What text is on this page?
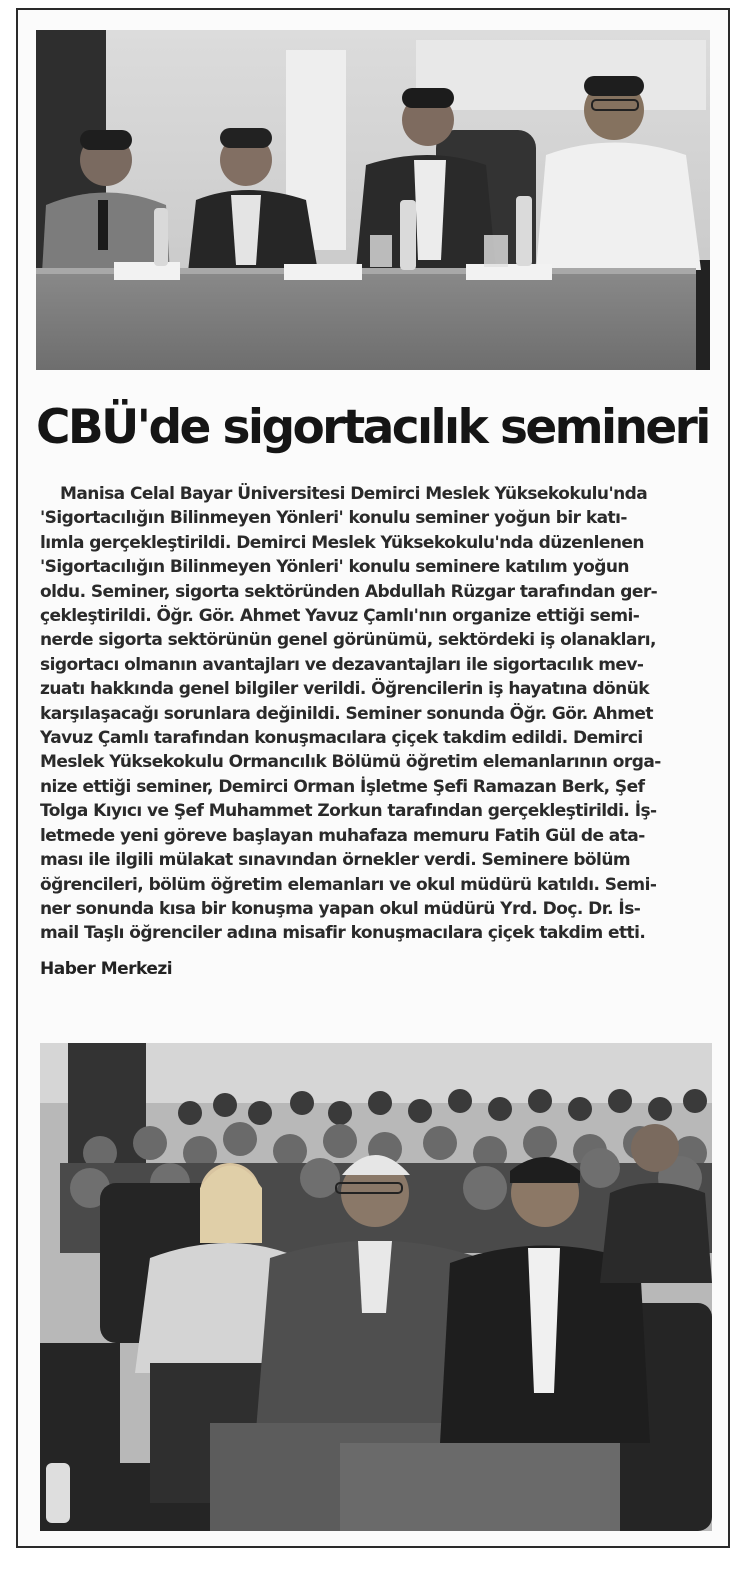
CBÜ'de sigortacılık semineri

Manisa Celal Bayar Üniversitesi Demirci Meslek Yüksekokulu'nda
'Sigortacılığın Bilinmeyen Yönleri' konulu seminer yoğun bir katı-
lımla gerçekleştirildi. Demirci Meslek Yüksekokulu'nda düzenlenen
'Sigortacılığın Bilinmeyen Yönleri' konulu seminere katılım yoğun
oldu. Seminer, sigorta sektöründen Abdullah Rüzgar tarafından ger-
çekleştirildi. Öğr. Gör. Ahmet Yavuz Çamlı'nın organize ettiği semi-
nerde sigorta sektörünün genel görünümü, sektördeki iş olanakları,
sigortacı olmanın avantajları ve dezavantajları ile sigortacılık mev-
zuatı hakkında genel bilgiler verildi. Öğrencilerin iş hayatına dönük
karşılaşacağı sorunlara değinildi. Seminer sonunda Öğr. Gör. Ahmet
Yavuz Çamlı tarafından konuşmacılara çiçek takdim edildi. Demirci
Meslek Yüksekokulu Ormancılık Bölümü öğretim elemanlarının orga-
nize ettiği seminer, Demirci Orman İşletme Şefi Ramazan Berk, Şef
Tolga Kıyıcı ve Şef Muhammet Zorkun tarafından gerçekleştirildi. İş-
letmede yeni göreve başlayan muhafaza memuru Fatih Gül de ata-
ması ile ilgili mülakat sınavından örnekler verdi. Seminere bölüm
öğrencileri, bölüm öğretim elemanları ve okul müdürü katıldı. Semi-
ner sonunda kısa bir konuşma yapan okul müdürü Yrd. Doç. Dr. İs-
mail Taşlı öğrenciler adına misafir konuşmacılara çiçek takdim etti.

Haber Merkezi
